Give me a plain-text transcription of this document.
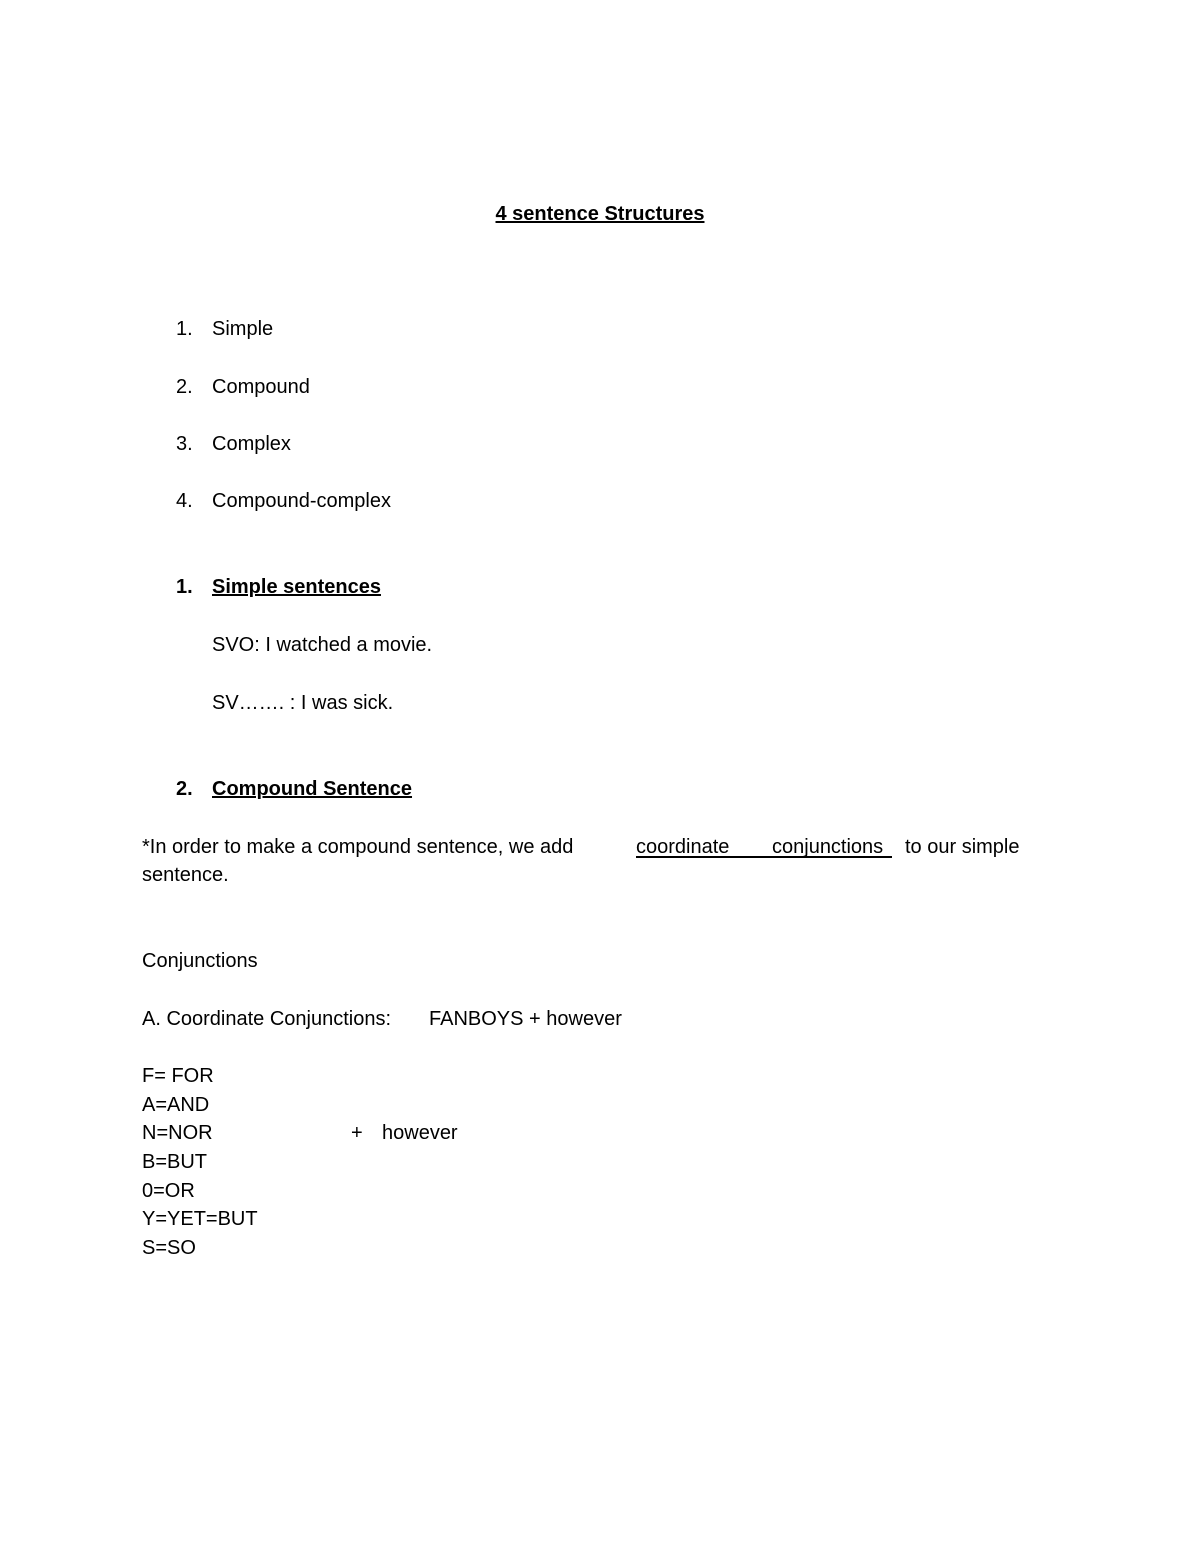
4 sentence Structures
1. Simple
2. Compound
3. Complex
4. Compound-complex
1. Simple sentences
SVO: I watched a movie.
SV……. : I was sick.
2. Compound Sentence
*In order to make a compound sentence, we add	coordinate conjunctions to our simple
sentence.
Conjunctions
A. Coordinate Conjunctions: FANBOYS + however
F= FOR
A=AND
N=NOR	+ however
B=BUT
0=OR
Y=YET=BUT
S=SO
